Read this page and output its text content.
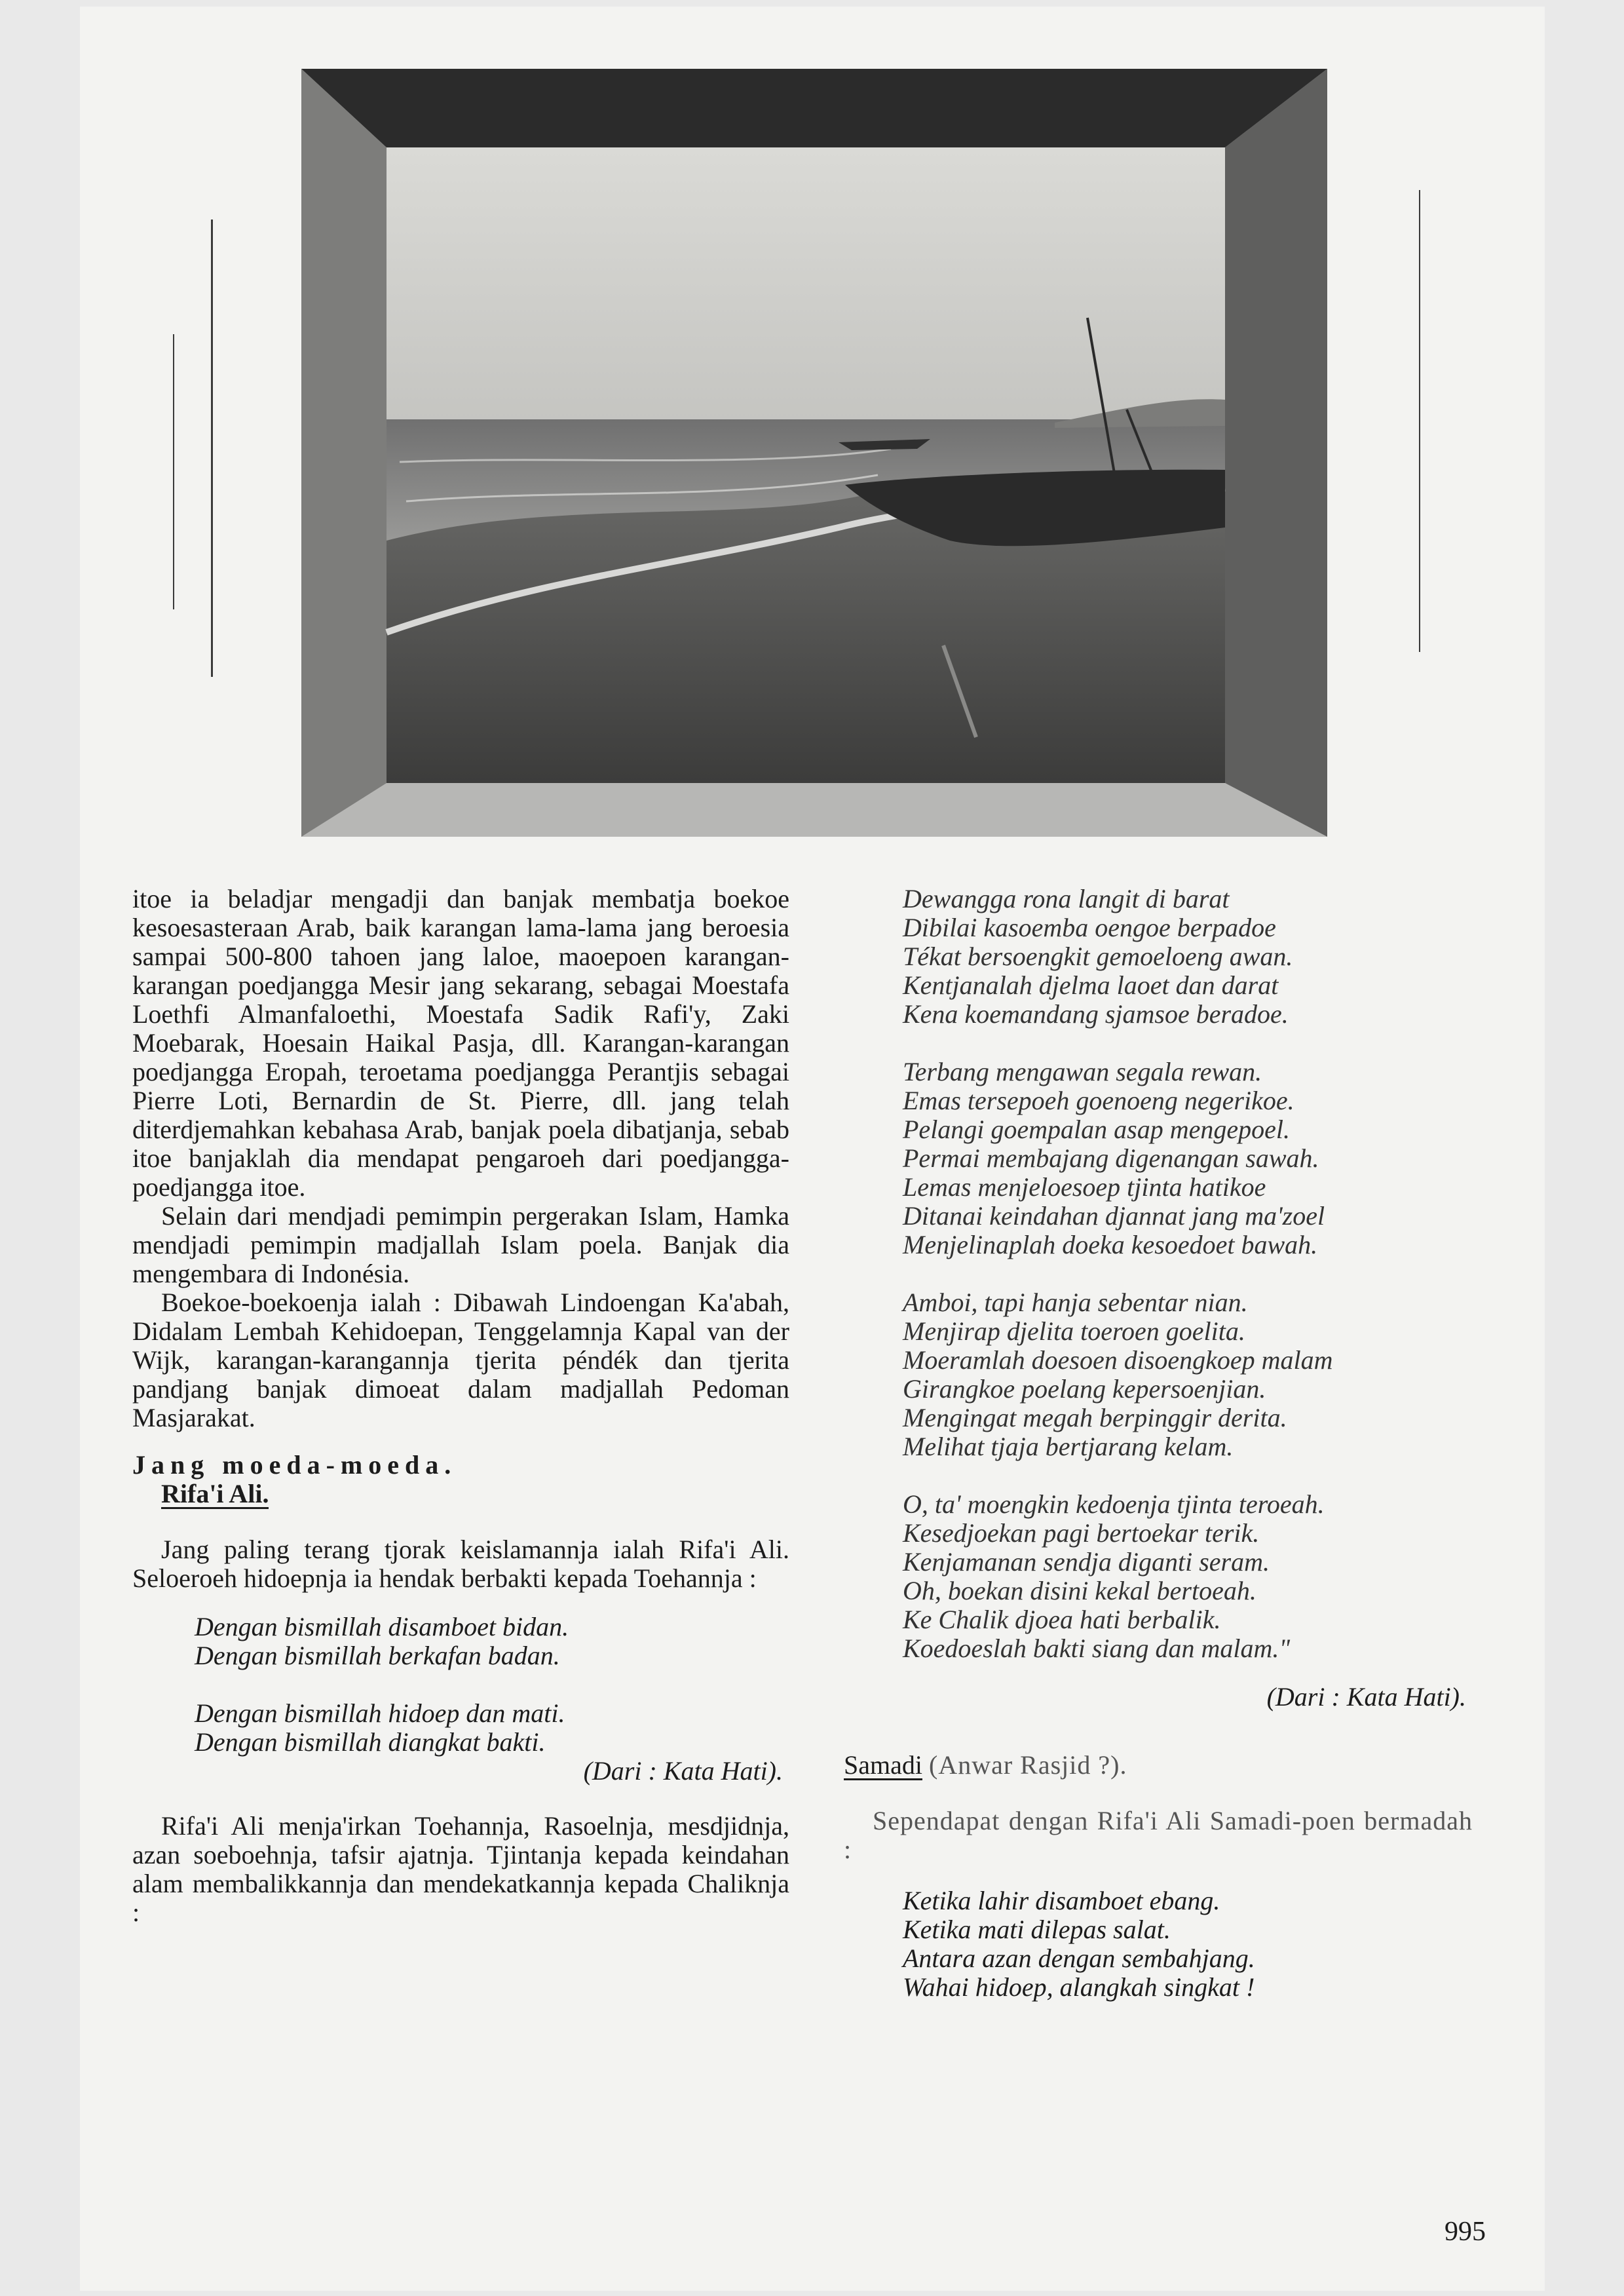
itoe ia beladjar mengadji dan banjak membatja boekoe kesoesasteraan Arab, baik karangan lama-lama jang beroesia sampai 500-800 tahoen jang laloe, maoepoen karangan-karangan poedjangga Mesir jang sekarang, sebagai Moestafa Loethfi Almanfaloethi, Moestafa Sadik Rafi'y, Zaki Moebarak, Hoesain Haikal Pasja, dll. Karangan-karangan poedjangga Eropah, teroetama poedjangga Perantjis sebagai Pierre Loti, Bernardin de St. Pierre, dll. jang telah diterdjemahkan kebahasa Arab, banjak poela dibatjanja, sebab itoe banjaklah dia mendapat pengaroeh dari poedjangga-poedjangga itoe.

Selain dari mendjadi pemimpin pergerakan Islam, Hamka mendjadi pemimpin madjallah Islam poela. Banjak dia mengembara di Indonésia.

Boekoe-boekoenja ialah : Dibawah Lindoengan Ka'abah, Didalam Lembah Kehidoepan, Tenggelamnja Kapal van der Wijk, karangan-karangannja tjerita péndék dan tjerita pandjang banjak dimoeat dalam madjallah Pedoman Masjarakat.

Jang moeda-moeda.

Rifa'i Ali.

Jang paling terang tjorak keislamannja ialah Rifa'i Ali. Seloeroeh hidoepnja ia hendak berbakti kepada Toehannja :

Dengan bismillah disamboet bidan.
Dengan bismillah berkafan badan.
Dengan bismillah hidoep dan mati.
Dengan bismillah diangkat bakti.

(Dari : Kata Hati).

Rifa'i Ali menja'irkan Toehannja, Rasoelnja, mesdjidnja, azan soeboehnja, tafsir ajatnja. Tjintanja kepada keindahan alam membalikkannja dan mendekatkannja kepada Chaliknja :

Dewangga rona langit di barat
Dibilai kasoemba oengoe berpadoe
Tékat bersoengkit gemoeloeng awan.
Kentjanalah djelma laoet dan darat
Kena koemandang sjamsoe beradoe.
Terbang mengawan segala rewan.
Emas tersepoeh goenoeng negerikoe.
Pelangi goempalan asap mengepoel.
Permai membajang digenangan sawah.
Lemas menjeloesoep tjinta hatikoe
Ditanai keindahan djannat jang ma'zoel
Menjelinaplah doeka kesoedoet bawah.
Amboi, tapi hanja sebentar nian.
Menjirap djelita toeroen goelita.
Moeramlah doesoen disoengkoep malam
Girangkoe poelang kepersoenjian.
Mengingat megah berpinggir derita.
Melihat tjaja bertjarang kelam.
O, ta' moengkin kedoenja tjinta teroeah.
Kesedjoekan pagi bertoekar terik.
Kenjamanan sendja diganti seram.
Oh, boekan disini kekal bertoeah.
Ke Chalik djoea hati berbalik.
Koedoeslah bakti siang dan malam."

(Dari : Kata Hati).

Samadi (Anwar Rasjid ?).

Sependapat dengan Rifa'i Ali Samadi-poen bermadah :

Ketika lahir disamboet ebang.
Ketika mati dilepas salat.
Antara azan dengan sembahjang.
Wahai hidoep, alangkah singkat !
995
